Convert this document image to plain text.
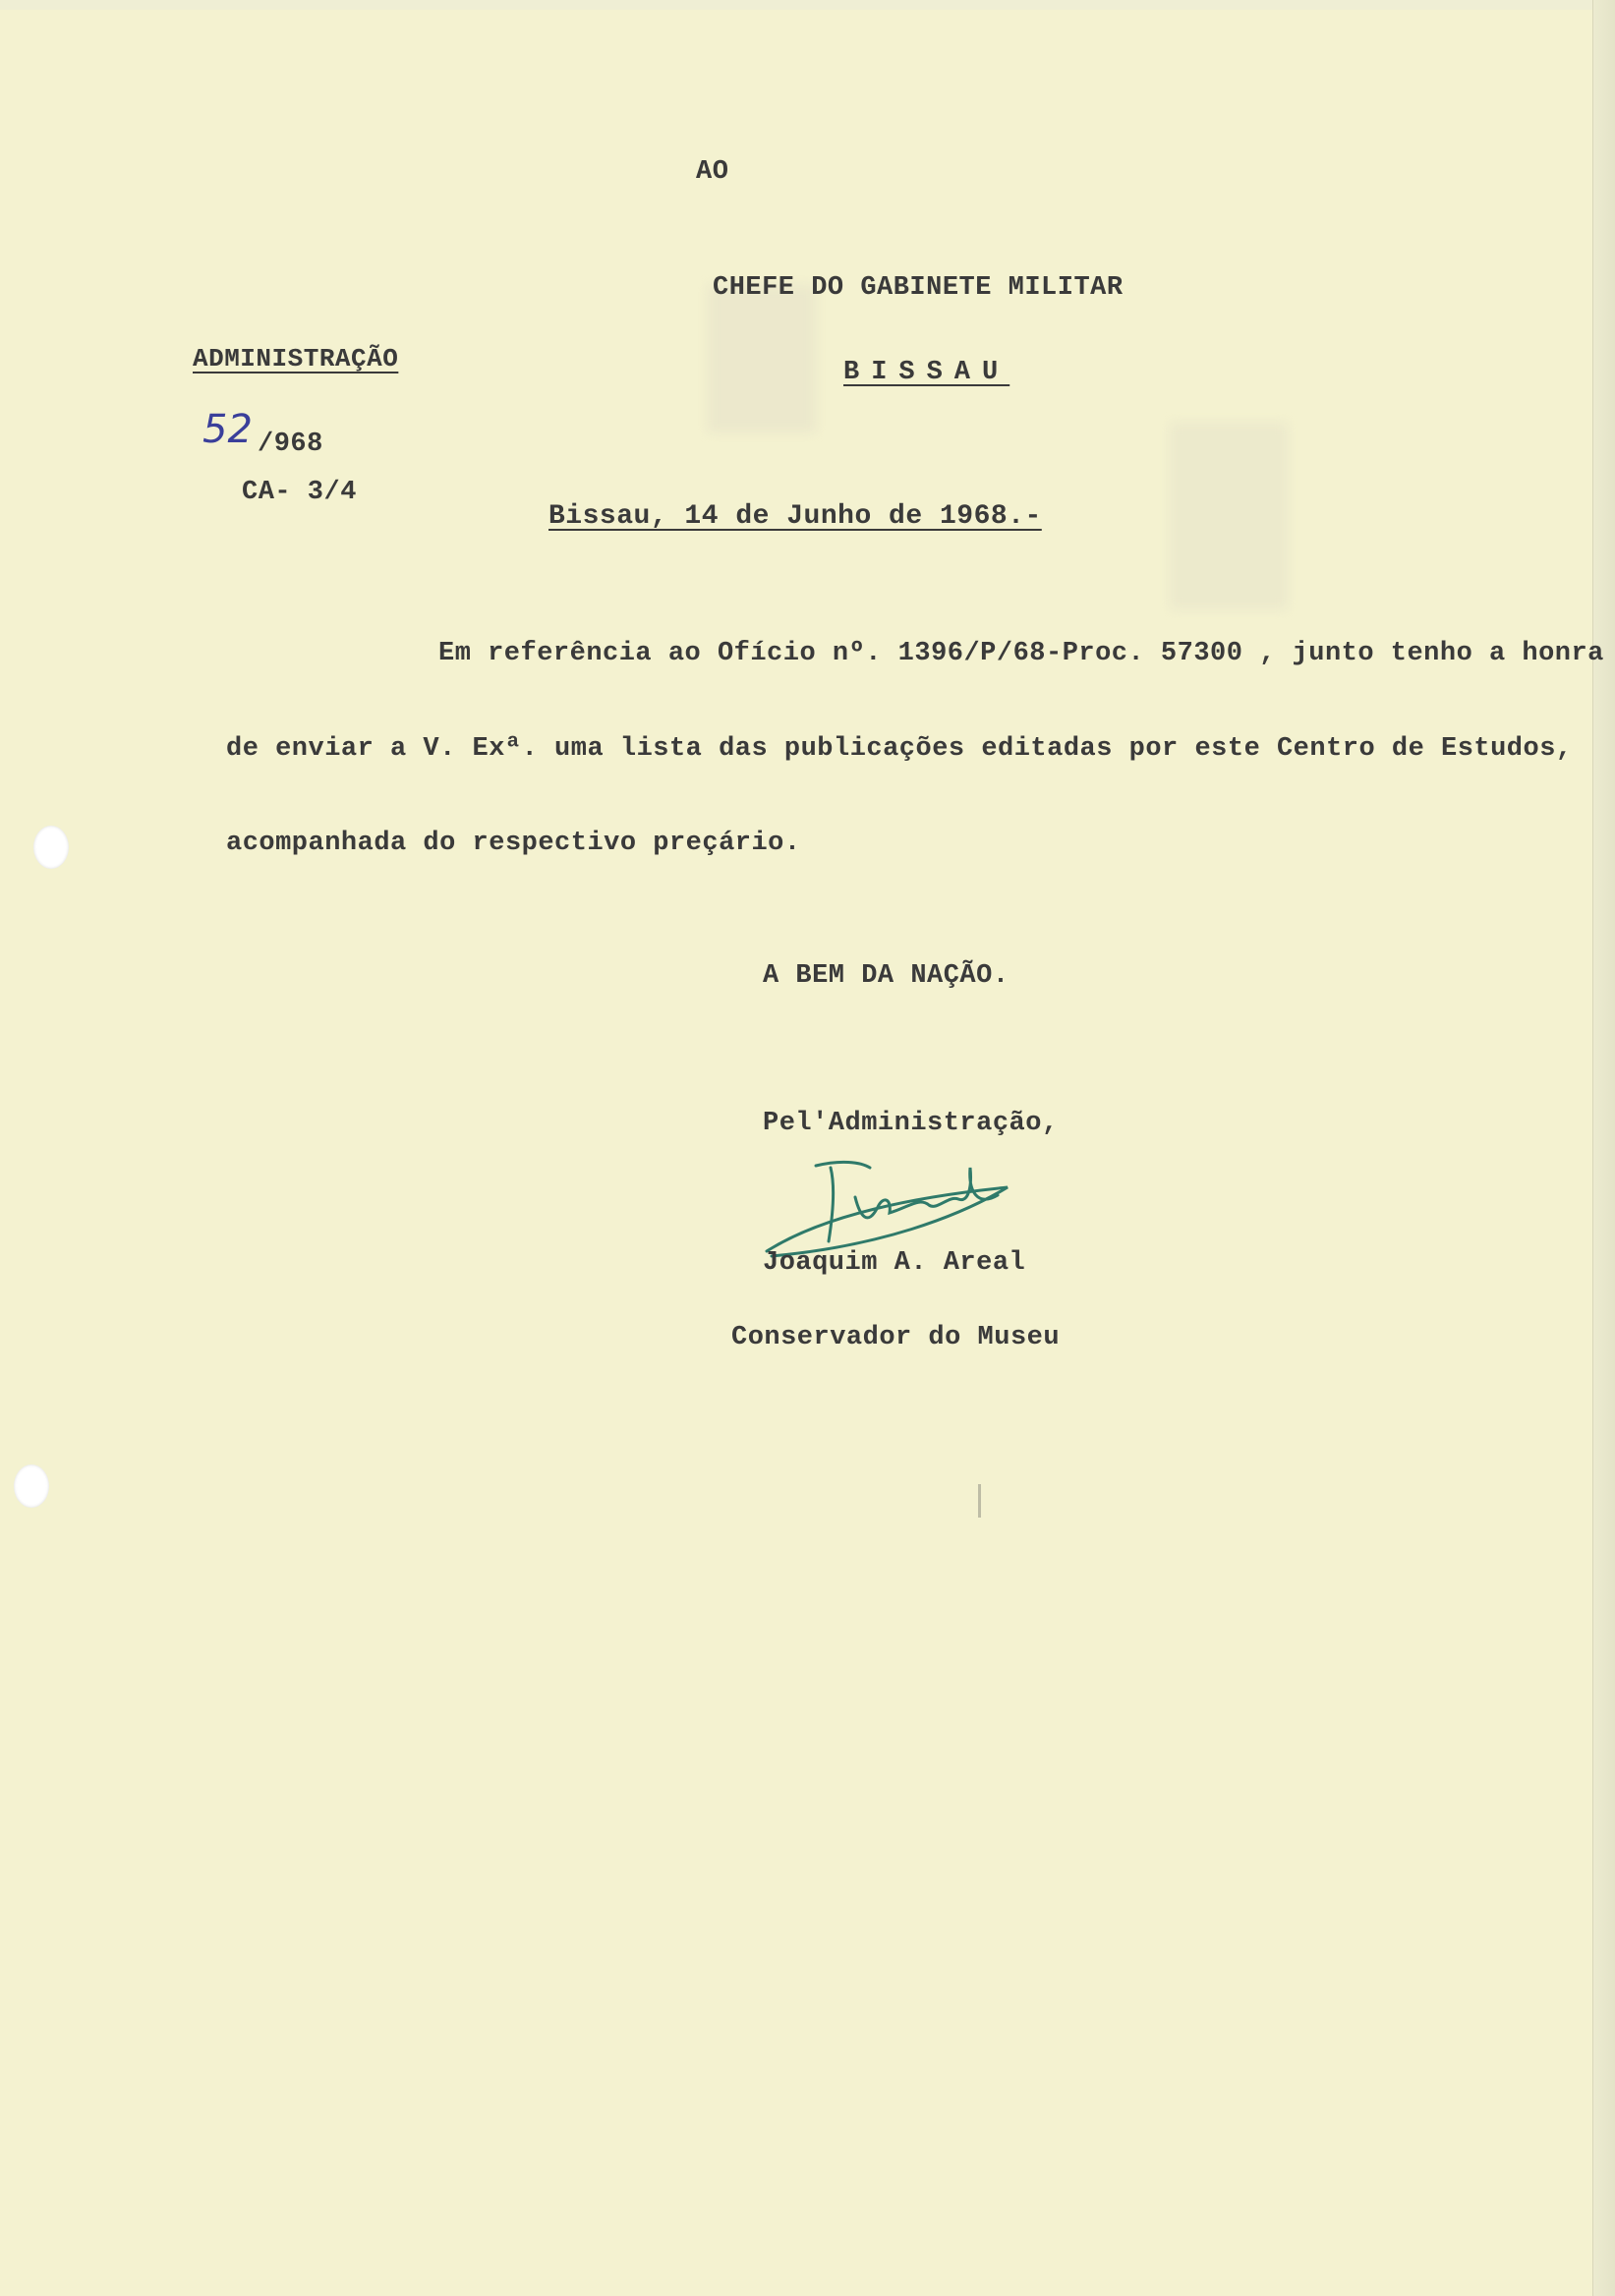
AO
CHEFE DO GABINETE MILITAR
BISSAU
ADMINISTRAÇÃO
52 /968
CA- 3/4
Bissau, 14 de Junho de 1968.-
Em referência ao Ofício nº. 1396/P/68-Proc. 57300 , junto tenho a honra
de enviar a V. Exª. uma lista das publicações editadas por este Centro de Estudos,
acompanhada do respectivo preçário.
A BEM DA NAÇÃO.
Pel'Administração,
Joaquim A. Areal
Conservador do Museu
